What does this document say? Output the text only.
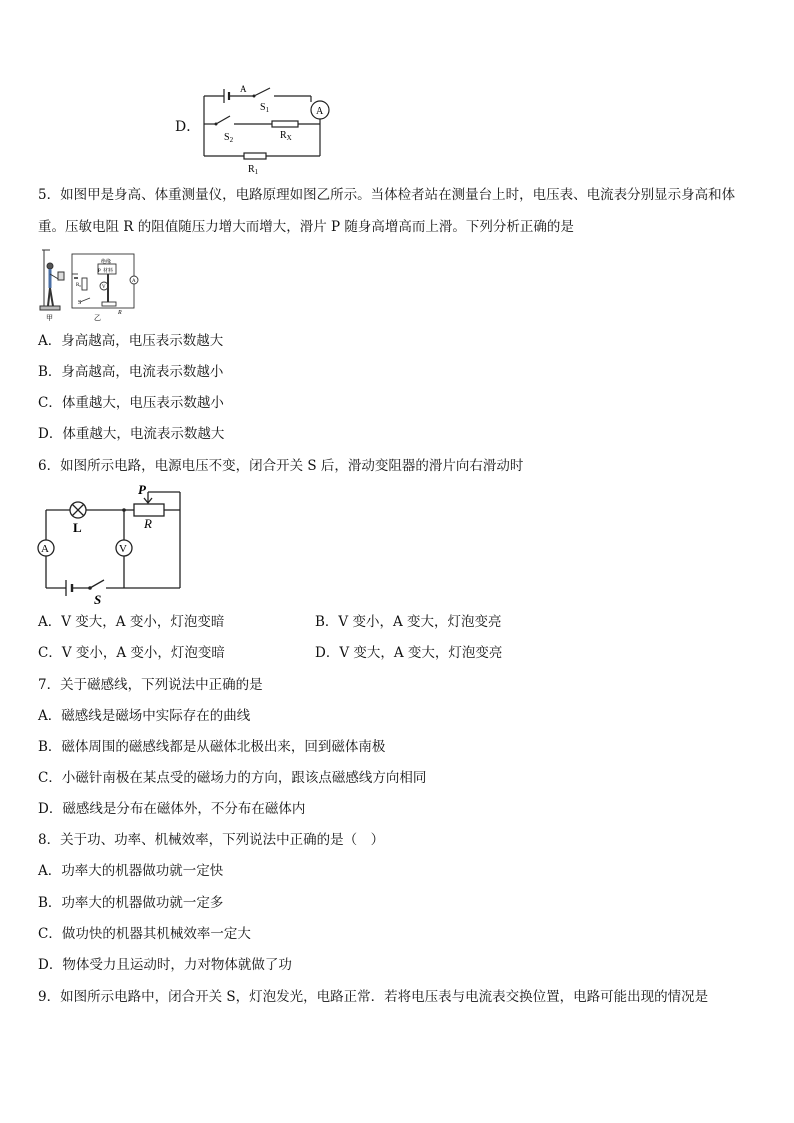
D．
A
$S_1$
$S_2$	$R_X$
$R_1$
A
5．如图甲是身高、体重测量仪，电路原理如图乙所示。当体检者站在测量台上时，电压表、电流表分别显示身高和体
重。压敏电阻 R 的阻值随压力增大而增大，滑片 P 随身高增高而上滑。下列分析正确的是
甲
绝缘
P 材料
R₀	V
A
R
S
乙
A．身高越高，电压表示数越大
B．身高越高，电流表示数越小
C．体重越大，电压表示数越小
D．体重越大，电流表示数越大
6．如图所示电路，电源电压不变，闭合开关 S 后，滑动变阻器的滑片向右滑动时
P
R
L
A	V
S
A．V 变大，A 变小，灯泡变暗	B．V 变小，A 变大，灯泡变亮
C．V 变小，A 变小，灯泡变暗	D．V 变大，A 变大，灯泡变亮
7．关于磁感线，下列说法中正确的是
A．磁感线是磁场中实际存在的曲线
B．磁体周围的磁感线都是从磁体北极出来，回到磁体南极
C．小磁针南极在某点受的磁场力的方向，跟该点磁感线方向相同
D．磁感线是分布在磁体外，不分布在磁体内
8．关于功、功率、机械效率，下列说法中正确的是（　）
A．功率大的机器做功就一定快
B．功率大的机器做功就一定多
C．做功快的机器其机械效率一定大
D．物体受力且运动时，力对物体就做了功
9．如图所示电路中，闭合开关 S，灯泡发光，电路正常．若将电压表与电流表交换位置，电路可能出现的情况是
